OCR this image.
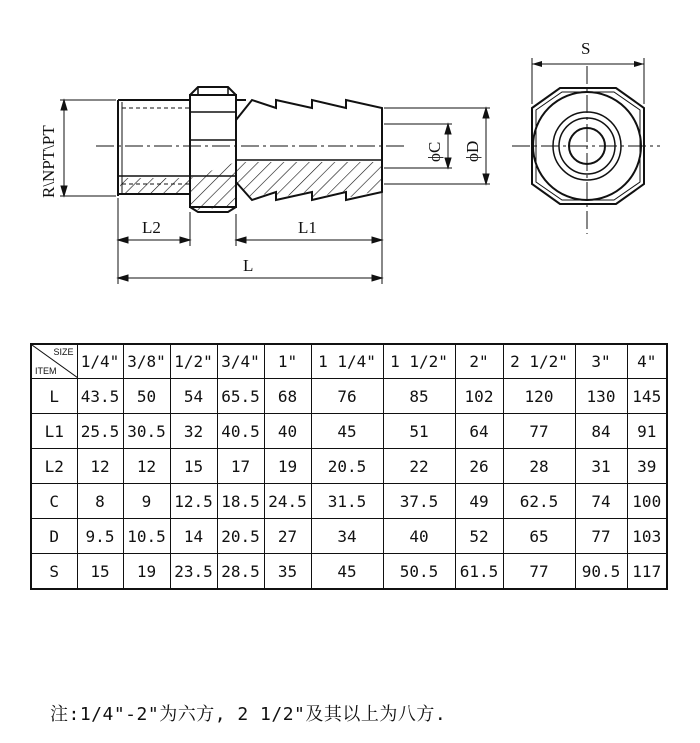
R\NPT\PT
L2	L1
L
ϕC ϕD
S
SIZE
ITEM	1/4"	3/8"	1/2"	3/4"	1"	1 1/4"	1 1/2"	2"	2 1/2"	3"	4"
L	43.5	50	54	65.5	68	76	85	102	120	130	145
L1	25.5	30.5	32	40.5	40	45	51	64	77	84	91
L2	12	12	15	17	19	20.5	22	26	28	31	39
C	8	9	12.5	18.5	24.5	31.5	37.5	49	62.5	74	100
D	9.5	10.5	14	20.5	27	34	40	52	65	77	103
S	15	19	23.5	28.5	35	45	50.5	61.5	77	90.5	117
注:1/4"-2"为六方, 2 1/2"及其以上为八方.
